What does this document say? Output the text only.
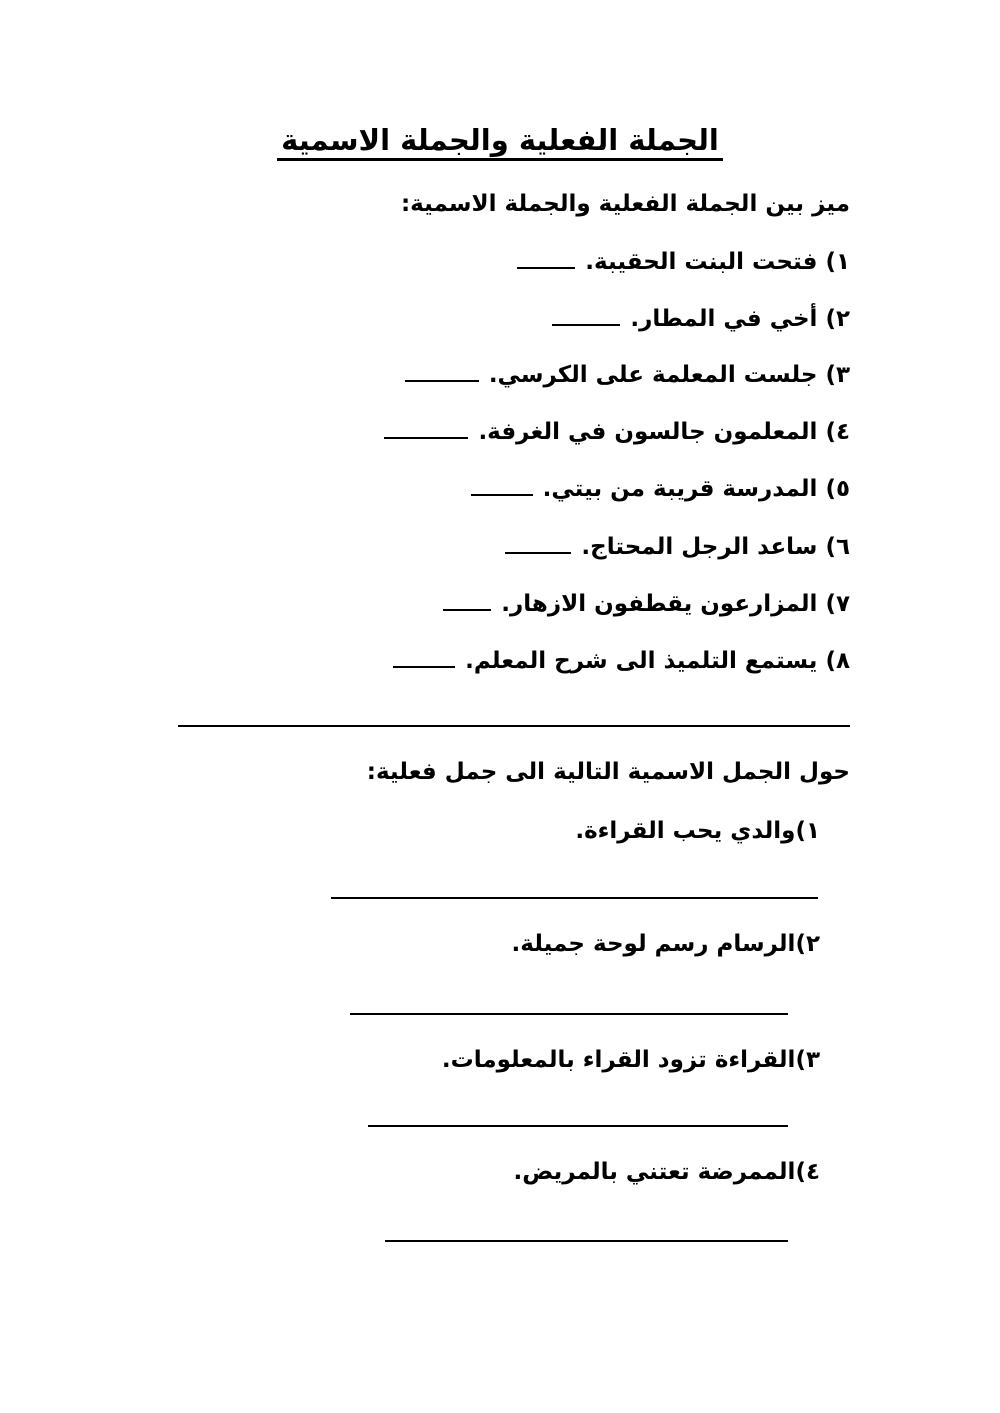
الجملة الفعلية والجملة الاسمية
ميز بين الجملة الفعلية والجملة الاسمية:
١)فتحت البنت الحقيبة.
٢)أخي في المطار.
٣)جلست المعلمة على الكرسي.
٤)المعلمون جالسون في الغرفة.
٥)المدرسة قريبة من بيتي.
٦)ساعد الرجل المحتاج.
٧)المزارعون يقطفون الازهار.
٨)يستمع التلميذ الى شرح المعلم.
حول الجمل الاسمية التالية الى جمل فعلية:
١)والدي يحب القراءة.
٢)الرسام رسم لوحة جميلة.
٣)القراءة تزود القراء بالمعلومات.
٤)الممرضة تعتني بالمريض.
